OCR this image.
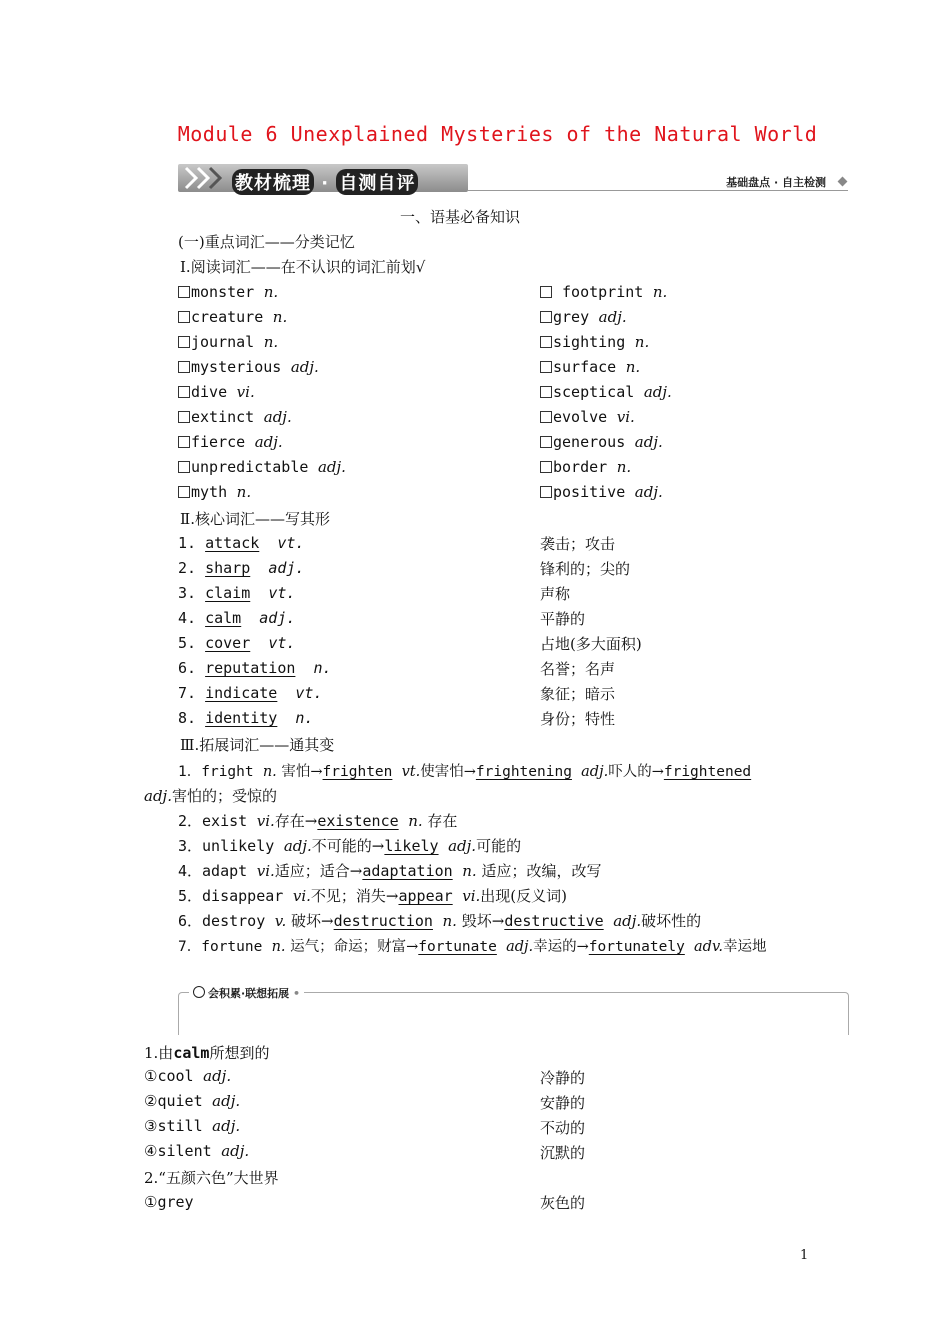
Module 6 Unexplained Mysteries of the Natural World
教材梳理 · 自测自评	基础盘点 · 自主检测
一、语基必备知识
(一)重点词汇——分类记忆
Ⅰ.阅读词汇——在不认识的词汇前划√
monster n.
creature n.
journal n.
mysterious adj.
dive vi.
extinct adj.
fierce adj.
unpredictable adj.
myth n.
footprint n.
grey adj.
sighting n.
surface n.
sceptical adj.
evolve vi.
generous adj.
border n.
positive adj.
Ⅱ.核心词汇——写其形
1. attack vt.	袭击；攻击
2. sharp adj.	锋利的；尖的
3. claim vt.	声称
4. calm adj.	平静的
5. cover vt.	占地(多大面积)
6. reputation n.	名誉；名声
7. indicate vt.	象征；暗示
8. identity n.	身份；特性
Ⅲ.拓展词汇——通其变
1．fright n. 害怕→frighten vt.使害怕→frightening adj.吓人的→frightened
adj.害怕的；受惊的
2．exist vi.存在→existence n. 存在
3．unlikely adj.不可能的→likely adj.可能的
4．adapt vi.适应；适合→adaptation n. 适应；改编，改写
5．disappear vi.不见；消失→appear vi.出现(反义词)
6．destroy v. 破坏→destruction n. 毁坏→destructive adj.破坏性的
7．fortune n. 运气；命运；财富→fortunate adj.幸运的→fortunately adv.幸运地
会积累·联想拓展 •
1.由calm所想到的
①cool adj.	冷静的
②quiet adj.	安静的
③still adj.	不动的
④silent adj.	沉默的
2.“五颜六色”大世界
①grey	灰色的
1
